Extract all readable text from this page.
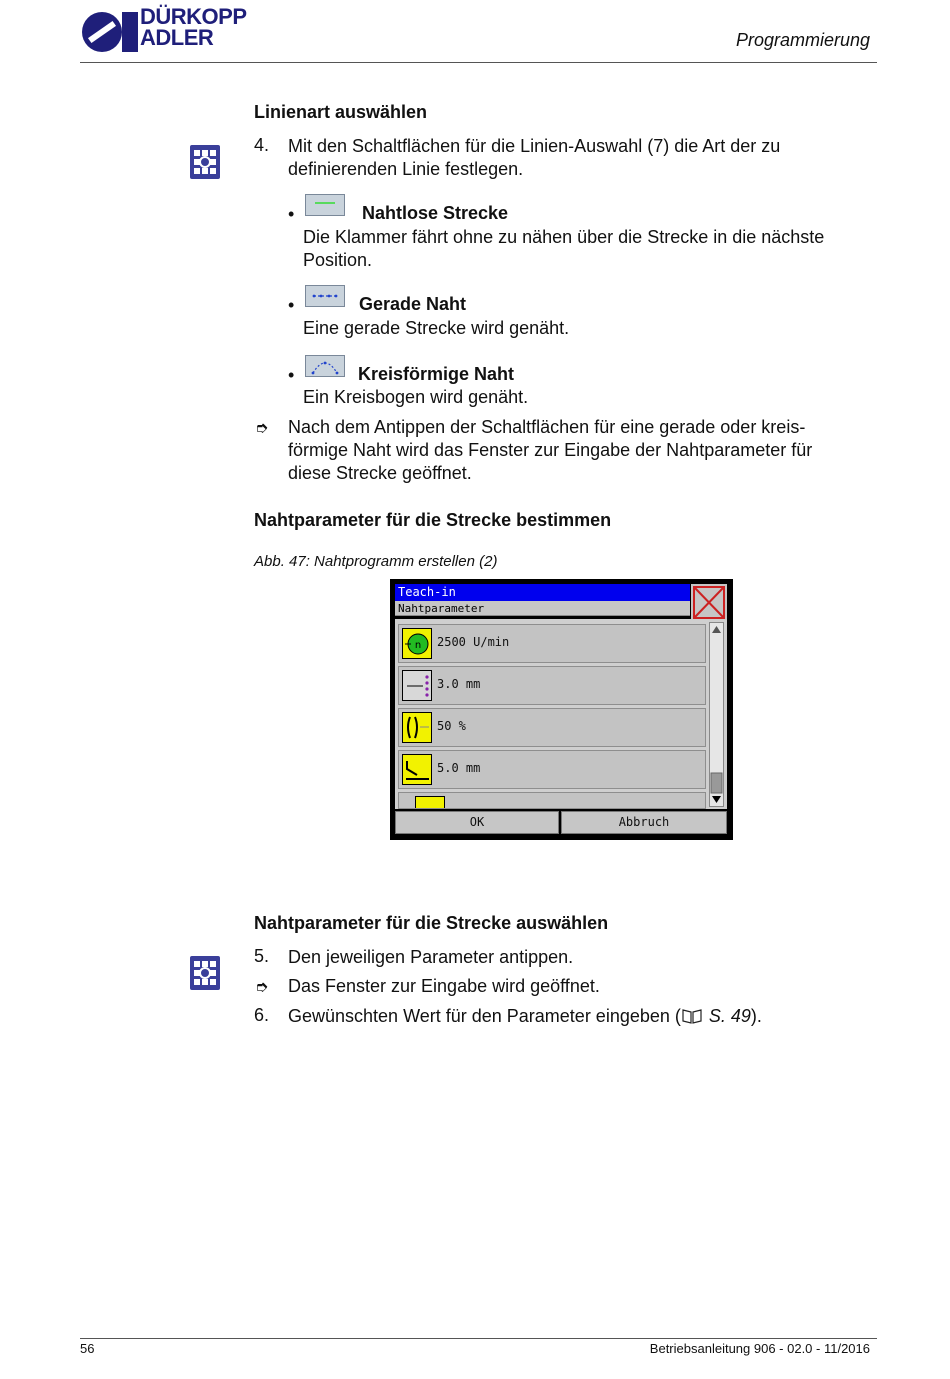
DÜRKOPP
ADLER	Programmierung
Linienart auswählen
4. Mit den Schaltflächen für die Linien-Auswahl (7) die Art der zu
definierenden Linie festlegen.
•	Nahtlose Strecke
Die Klammer fährt ohne zu nähen über die Strecke in die nächste
Position.
•	Gerade Naht
Eine gerade Strecke wird genäht.
•	Kreisförmige Naht
Ein Kreisbogen wird genäht.
➮ Nach dem Antippen der Schaltflächen für eine gerade oder kreis-
förmige Naht wird das Fenster zur Eingabe der Nahtparameter für
diese Strecke geöffnet.
Nahtparameter für die Strecke bestimmen
Abb. 47: Nahtprogramm erstellen (2)
Teach-in
Nahtparameter
n 2500 U/min
3.0 mm
50 %
5.0 mm
OK	Abbruch
Nahtparameter für die Strecke auswählen
5. Den jeweiligen Parameter antippen.
➮ Das Fenster zur Eingabe wird geöffnet.
6. Gewünschten Wert für den Parameter eingeben ( S. 49).
56	Betriebsanleitung 906 - 02.0 - 11/2016
